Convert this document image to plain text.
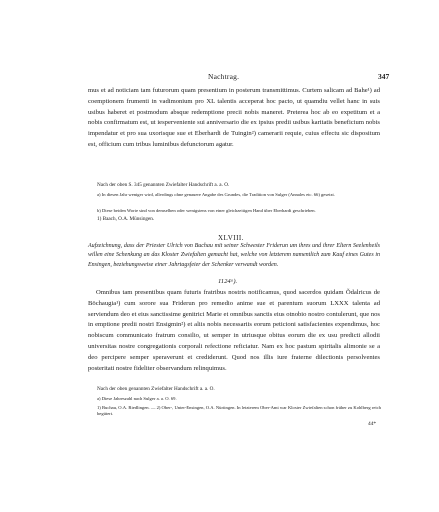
Nachtrag.	347
mus et ad noticiam tam futurorum quam presentium in posterum transmittimus. Curtem salicam ad Bahe¹) ad coemptionem frumenti in vadimonium pro XL talentis acceperat hoc pacto, ut quamdiu vellet hanc in suis usibus haberet et postmodum absque redemptione precii nobis maneret. Preterea hoc ab eo expetitum et a nobis confirmatum est, ut iesperveniente sui anniversario die ex ipsius predii usibus karitatis beneficium nobis impendatur et pro sua uxorisque sue et Eberhardi de Tuingin²) camerarii requie, cuius effectu sic dispositum est, officium cum tribus luminibus defunctorum agatur.
Nach der oben S. 345 genannten Zwiefalter Handschrift a. a. O.
a) In diesen Jahr weniger wird, allerdings ohne genauere Angabe des Grundes, die Tradition von Sulger (Annales etc. 66) gesetzt.
b) Diese beiden Worte sind von demselben oder wenigstens von einer gleichzeitigen Hand über Eberhardi geschrieben.
1) Baach, O.A. Münsingen.
XLVIII.
Aufzeichnung, dass der Priester Ulrich von Buchau mit seiner Schwester Friderun um ihres und ihrer Eltern Seelenheils willen eine Schenkung an das Kloster Zwiefalten gemacht hat, welche von letzterem namentlich zum Kauf eines Gutes in Ensingen, beziehungsweise einer Jahrtagsfeier der Schenker verwandt worden.
1124ᵃ).
Omnibus tam presentibus quam futuris fratribus nostris notificamus, quod sacerdos quidam Ŏdalricus de Böchaugia¹) cum sorore sua Friderun pro remedio anime sue et parentum suorum LXXX talenta ad serviendum deo et eius sanctissime genitrici Marie et omnibus sanctis eius otnobio nostro contulerunt, que nos in emptione predii nostri Ensigmin²) et aliis nobis necessariis eorum peticioni satisfacientes expendimus, hoc nobiscum communicato fratrum consilio, ut semper in utriusque obitus eorum die ex usu predicti allodii universitas nostre congregationis corporali refectione reficiatur. Nam ex hoc pastum spiritalis alimonie se a deo percipere semper speraverunt et crediderunt. Quod nos illis iure fraterne dilectionis persolventes posteritati nostre fideliter observandum relinquimus.
Nach der oben genannten Zwiefalter Handschrift a. a. O.
a) Diese Jahreszahl nach Sulger a. a. O. 69.
1) Buchau, O.A. Riedlingen. — 2) Ober-, Unter-Ensingen, O.A. Nürtingen. In letzterem Ober-Amt war Kloster Zwiefalten schon früher zu Kohlberg reich begütert.
44*
